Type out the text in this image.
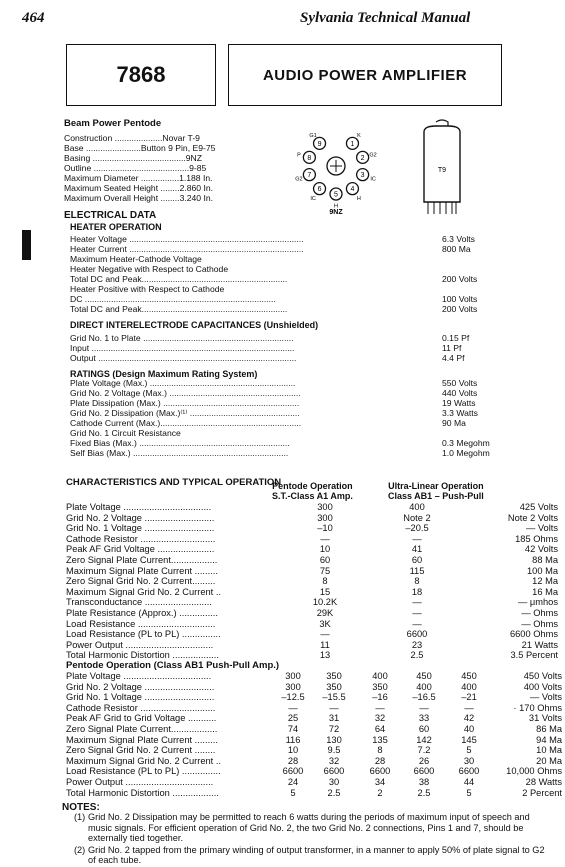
464	Sylvania Technical Manual
7868	AUDIO POWER AMPLIFIER
Beam Power Pentode
Construction ....................Novar T-9
Base .......................Button 9 Pin, E9-75
Basing .......................................9NZ
Outline ........................................9-85
Maximum Diameter ................1.188 In.
Maximum Seated Height ........2.860 In.
Maximum Overall Height ........3.240 In.
1
K
2 G2
3
IC
4
H
5
H
6
IC
7
G2
8
P
9
G1
9NZ
T9
ELECTRICAL DATA
HEATER OPERATION
Heater Voltage .........................................................................	6.3 Volts
Heater Current .........................................................................	800 Ma
Maximum Heater-Cathode Voltage
Heater Negative with Respect to Cathode
Total DC and Peak.............................................................	200 Volts
Heater Positive with Respect to Cathode
DC ................................................................................	100 Volts
Total DC and Peak.............................................................	200 Volts
DIRECT INTERELECTRODE CAPACITANCES (Unshielded)
Grid No. 1 to Plate ...............................................................	0.15 Pf
Input .....................................................................................	11 Pf
Output ...................................................................................	4.4 Pf
RATINGS (Design Maximum Rating System)
Plate Voltage (Max.) .............................................................	550 Volts
Grid No. 2 Voltage (Max.) .......................................................	440 Volts
Plate Dissipation (Max.) .........................................................	19 Watts
Grid No. 2 Dissipation (Max.)⁽¹⁾ ..............................................	3.3 Watts
Cathode Current (Max.)...........................................................	90 Ma
Grid No. 1 Circuit Resistance
Fixed Bias (Max.) ...............................................................	0.3 Megohm
Self Bias (Max.) .................................................................	1.0 Megohm
CHARACTERISTICS AND TYPICAL OPERATION
Pentode Operation
S.T.-Class A1 Amp.
Ultra-Linear Operation
Class AB1 – Push-Pull
Plate Voltage ..................................	300	400	425 Volts
Grid No. 2 Voltage ...........................	300	Note 2	Note 2 Volts
Grid No. 1 Voltage ...........................	–10	–20.5	— Volts
Cathode Resistor .............................	—	—	185 Ohms
Peak AF Grid Voltage ......................	10	41	42 Volts
Zero Signal Plate Current..................	60	60	88 Ma
Maximum Signal Plate Current .........	75	115	100 Ma
Zero Signal Grid No. 2 Current.........	8	8	12 Ma
Maximum Signal Grid No. 2 Current ..	15	18	16 Ma
Transconductance ..........................	10.2K	—	— μmhos
Plate Resistance (Approx.) ...............	29K	—	— Ohms
Load Resistance ..............................	3K	—	— Ohms
Load Resistance (PL to PL) ...............	—	6600	6600 Ohms
Power Output ..................................	11	23	21 Watts
Total Harmonic Distortion ..................	13	2.5	3.5 Percent
Pentode Operation (Class AB1 Push-Pull Amp.)
Plate Voltage ..................................	300	350	400	450	450	450 Volts
Grid No. 2 Voltage ...........................	300	350	350	400	400	400 Volts
Grid No. 1 Voltage ...........................	–12.5	–15.5	–16	–16.5	–21	— Volts
Cathode Resistor .............................	—	—	—	—	—	· 170 Ohms
Peak AF Grid to Grid Voltage ...........	25	31	32	33	42	31 Volts
Zero Signal Plate Current..................	74	72	64	60	40	86 Ma
Maximum Signal Plate Current .........	116	130	135	142	145	94 Ma
Zero Signal Grid No. 2 Current ........	10	9.5	8	7.2	5	10 Ma
Maximum Signal Grid No. 2 Current ..	28	32	28	26	30	20 Ma
Load Resistance (PL to PL) ...............	6600	6600	6600	6600	6600	10,000 Ohms
Power Output ..................................	24	30	34	38	44	28 Watts
Total Harmonic Distortion ..................	5	2.5	2	2.5	5	2 Percent
NOTES:
(1) Grid No. 2 Dissipation may be permitted to reach 6 watts during the periods of maximum input of speech and music signals. For efficient operation of Grid No. 2, the two Grid No. 2 connections, Pins 1 and 7, should be externally tied together.
(2) Grid No. 2 tapped from the primary winding of output transformer, in a manner to apply 50% of plate signal to G2 of each tube.
